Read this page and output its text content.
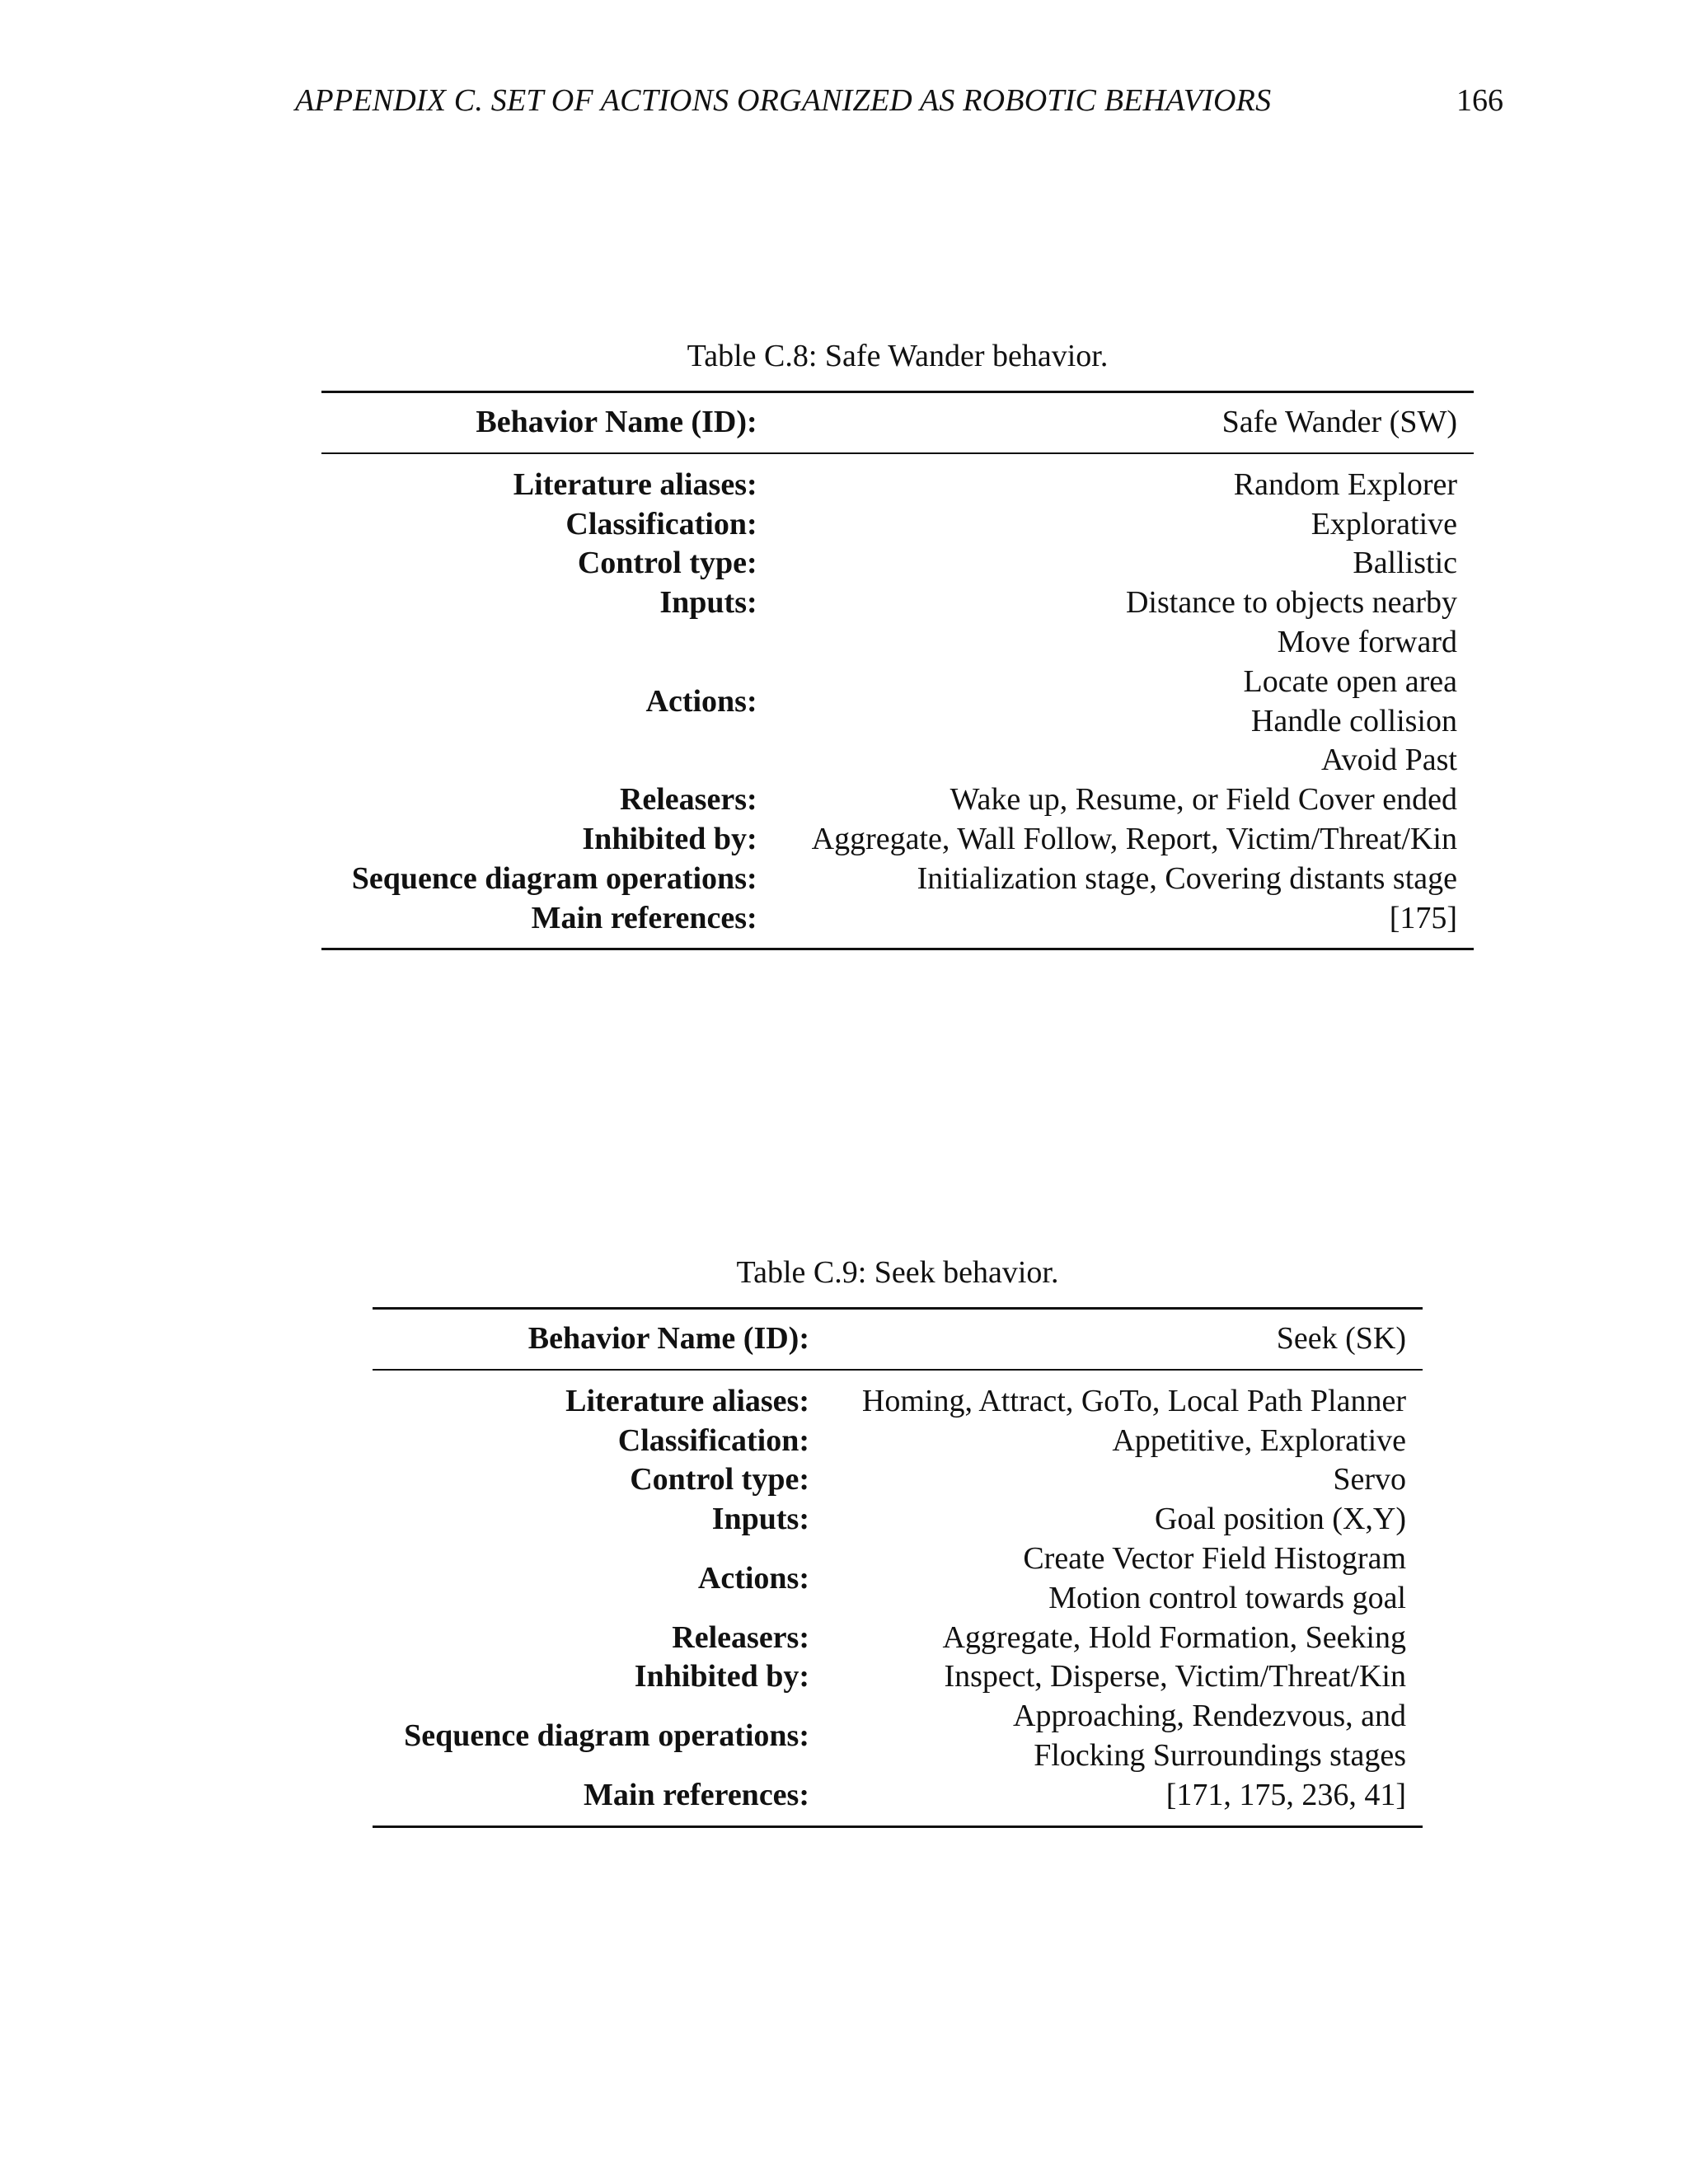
APPENDIX C. SET OF ACTIONS ORGANIZED AS ROBOTIC BEHAVIORS	166
Table C.8: Safe Wander behavior.
Behavior Name (ID):	Safe Wander (SW)
Literature aliases:	Random Explorer

Classification:	Explorative

Control type:	Ballistic

Inputs:	Distance to objects nearby

Actions:	Move forward
Locate open area
Handle collision
Avoid Past

Releasers:	Wake up, Resume, or Field Cover ended

Inhibited by:	Aggregate, Wall Follow, Report, Victim/Threat/Kin

Sequence diagram operations:	Initialization stage, Covering distants stage

Main references:	[175]
Table C.9: Seek behavior.
Behavior Name (ID):	Seek (SK)
Literature aliases:	Homing, Attract, GoTo, Local Path Planner

Classification:	Appetitive, Explorative

Control type:	Servo

Inputs:	Goal position (X,Y)

Actions:	Create Vector Field Histogram
Motion control towards goal

Releasers:	Aggregate, Hold Formation, Seeking

Inhibited by:	Inspect, Disperse, Victim/Threat/Kin

Sequence diagram operations:	Approaching, Rendezvous, and
Flocking Surroundings stages

Main references:	[171, 175, 236, 41]
